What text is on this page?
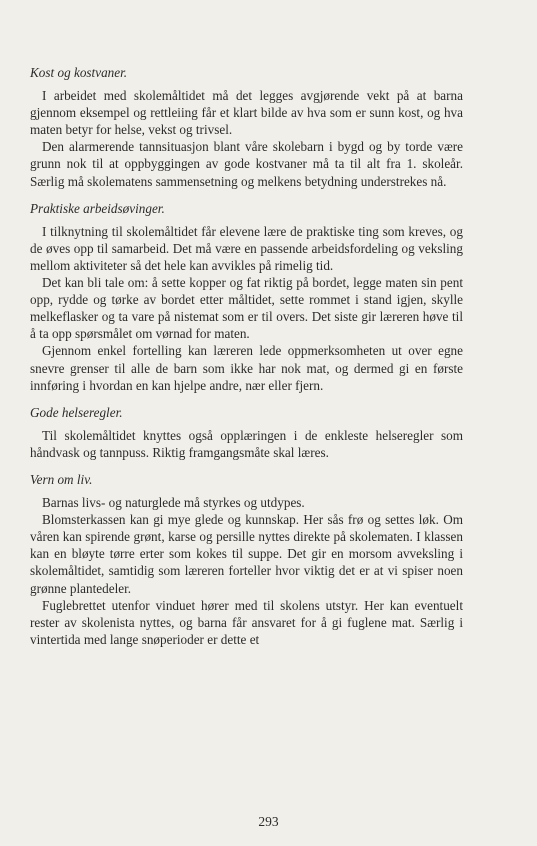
Kost og kostvaner.

I arbeidet med skolemåltidet må det legges avgjørende vekt på at barna gjennom eksempel og rettleiing får et klart bilde av hva som er sunn kost, og hva maten betyr for helse, vekst og trivsel.

Den alarmerende tannsituasjon blant våre skolebarn i bygd og by torde være grunn nok til at oppbyggingen av gode kostvaner må ta til alt fra 1. skoleår. Særlig må skolematens sammensetning og melkens betydning understrekes nå.

Praktiske arbeidsøvinger.

I tilknytning til skolemåltidet får elevene lære de praktiske ting som kreves, og de øves opp til samarbeid. Det må være en passende arbeidsfordeling og veksling mellom aktiviteter så det hele kan avvikles på rimelig tid.

Det kan bli tale om: å sette kopper og fat riktig på bordet, legge maten sin pent opp, rydde og tørke av bordet etter måltidet, sette rommet i stand igjen, skylle melkeflasker og ta vare på nistemat som er til overs. Det siste gir læreren høve til å ta opp spørsmålet om vørnad for maten.

Gjennom enkel fortelling kan læreren lede oppmerksomheten ut over egne snevre grenser til alle de barn som ikke har nok mat, og dermed gi en første innføring i hvordan en kan hjelpe andre, nær eller fjern.

Gode helseregler.

Til skolemåltidet knyttes også opplæringen i de enkleste helseregler som håndvask og tannpuss. Riktig framgangsmåte skal læres.

Vern om liv.

Barnas livs- og naturglede må styrkes og utdypes.

Blomsterkassen kan gi mye glede og kunnskap. Her sås frø og settes løk. Om våren kan spirende grønt, karse og persille nyttes direkte på skolematen. I klassen kan en bløyte tørre erter som kokes til suppe. Det gir en morsom avveksling i skolemåltidet, samtidig som læreren forteller hvor viktig det er at vi spiser noen grønne plantedeler.

Fuglebrettet utenfor vinduet hører med til skolens utstyr. Her kan eventuelt rester av skolenista nyttes, og barna får ansvaret for å gi fuglene mat. Særlig i vintertida med lange snøperioder er dette et

293
